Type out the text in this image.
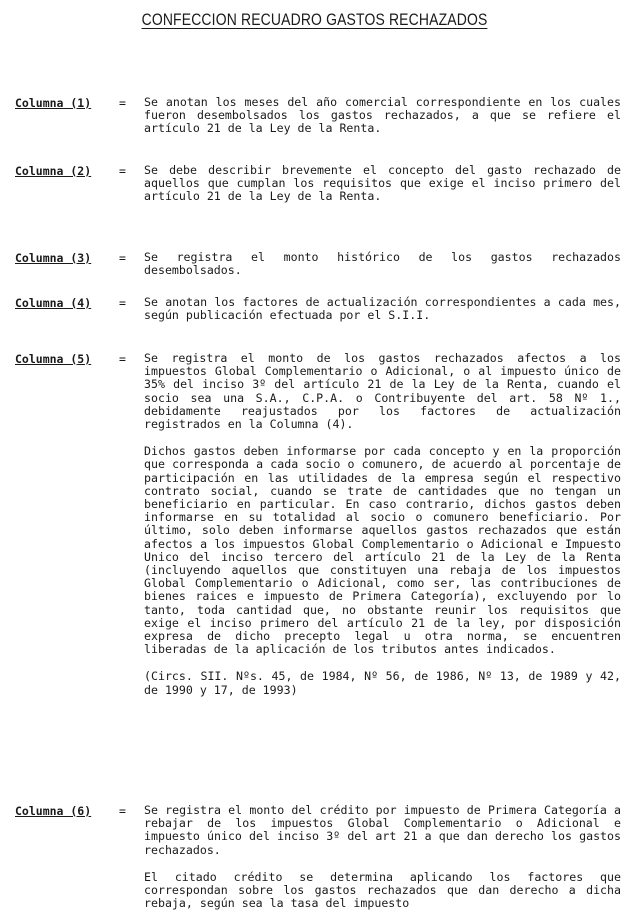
CONFECCION RECUADRO GASTOS RECHAZADOS
Columna (1) = Se anotan los meses del año comercial correspondiente en los cuales fueron desembolsados los gastos rechazados, a que se refiere el artículo 21 de la Ley de la Renta.

Columna (2) = Se debe describir brevemente el concepto del gasto rechazado de aquellos que cumplan los requisitos que exige el inciso primero del artículo 21 de la Ley de la Renta.

Columna (3) = Se registra el monto histórico de los gastos rechazados desembolsados.

Columna (4) = Se anotan los factores de actualización correspondientes a cada mes, según publicación efectuada por el S.I.I.

Columna (5) = Se registra el monto de los gastos rechazados afectos a los impuestos Global Complementario o Adicional, o al impuesto único de 35% del inciso 3º del artículo 21 de la Ley de la Renta, cuando el socio sea una S.A., C.P.A. o Contribuyente del art. 58 Nº 1., debidamente reajustados por los factores de actualización registrados en la Columna (4).

Dichos gastos deben informarse por cada concepto y en la proporción que corresponda a cada socio o comunero, de acuerdo al porcentaje de participación en las utilidades de la empresa según el respectivo contrato social, cuando se trate de cantidades que no tengan un beneficiario en particular. En caso contrario, dichos gastos deben informarse en su totalidad al socio o comunero beneficiario. Por último, solo deben informarse aquellos gastos rechazados que están afectos a los impuestos Global Complementario o Adicional e Impuesto Unico del inciso tercero del artículo 21 de la Ley de la Renta (incluyendo aquellos que constituyen una rebaja de los impuestos Global Complementario o Adicional, como ser, las contribuciones de bienes raices e impuesto de Primera Categoría), excluyendo por lo tanto, toda cantidad que, no obstante reunir los requisitos que exige el inciso primero del artículo 21 de la ley, por disposición expresa de dicho precepto legal u otra norma, se encuentren liberadas de la aplicación de los tributos antes indicados.

(Circs. SII. Nºs. 45, de 1984, Nº 56, de 1986, Nº 13, de 1989 y 42, de 1990 y 17, de 1993)

Columna (6) = Se registra el monto del crédito por impuesto de Primera Categoría a rebajar de los impuestos Global Complementario o Adicional e impuesto único del inciso 3º del art 21 a que dan derecho los gastos rechazados.

El citado crédito se determina aplicando los factores que correspondan sobre los gastos rechazados que dan derecho a dicha rebaja, según sea la tasa del impuesto
